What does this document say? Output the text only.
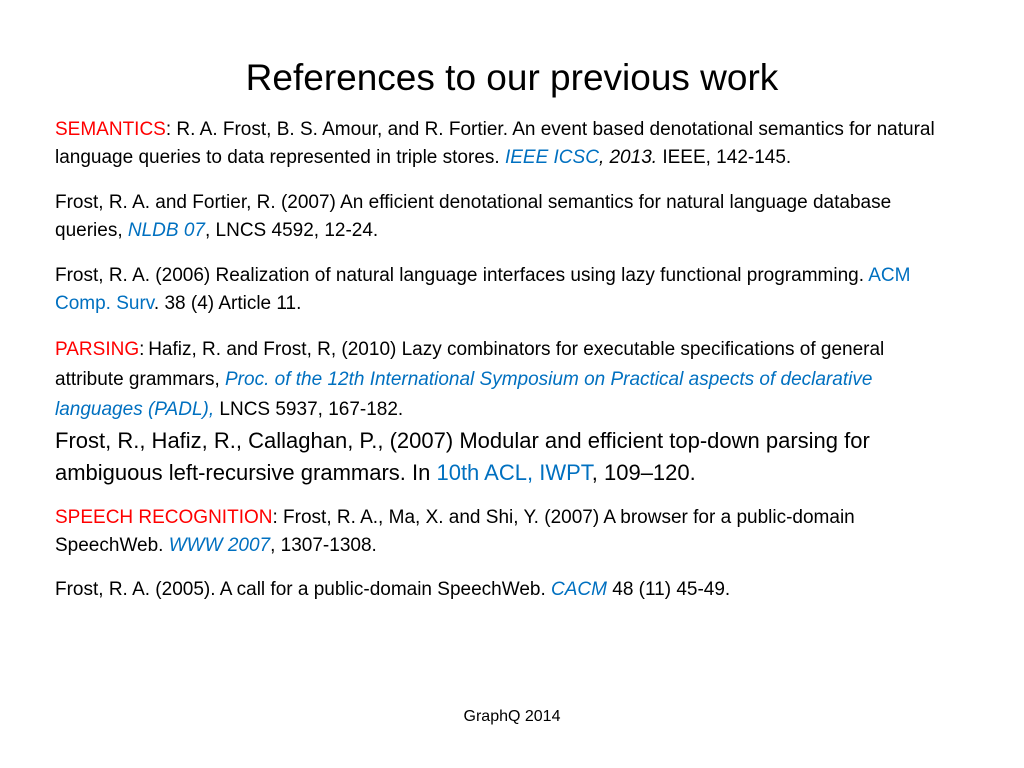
References to our previous work

SEMANTICS: R. A. Frost, B. S. Amour, and R. Fortier. An event based denotational semantics for natural language queries to data represented in triple stores. IEEE ICSC, 2013. IEEE, 142-145.

Frost, R. A. and Fortier, R. (2007) An efficient denotational semantics for natural language database queries, NLDB 07, LNCS 4592, 12-24.

Frost, R. A. (2006) Realization of natural language interfaces using lazy functional programming. ACM Comp. Surv. 38 (4) Article 11.

PARSING: Hafiz, R. and Frost, R, (2010) Lazy combinators for executable specifications of general attribute grammars, Proc. of the 12th International Symposium on Practical aspects of declarative languages (PADL), LNCS 5937, 167-182.

Frost, R., Hafiz, R., Callaghan, P., (2007) Modular and efficient top-down parsing for ambiguous left-recursive grammars. In 10th ACL, IWPT, 109–120.

SPEECH RECOGNITION: Frost, R. A., Ma, X. and Shi, Y. (2007) A browser for a public-domain SpeechWeb. WWW 2007, 1307-1308.

Frost, R. A. (2005). A call for a public-domain SpeechWeb. CACM 48 (11) 45-49.

GraphQ 2014
